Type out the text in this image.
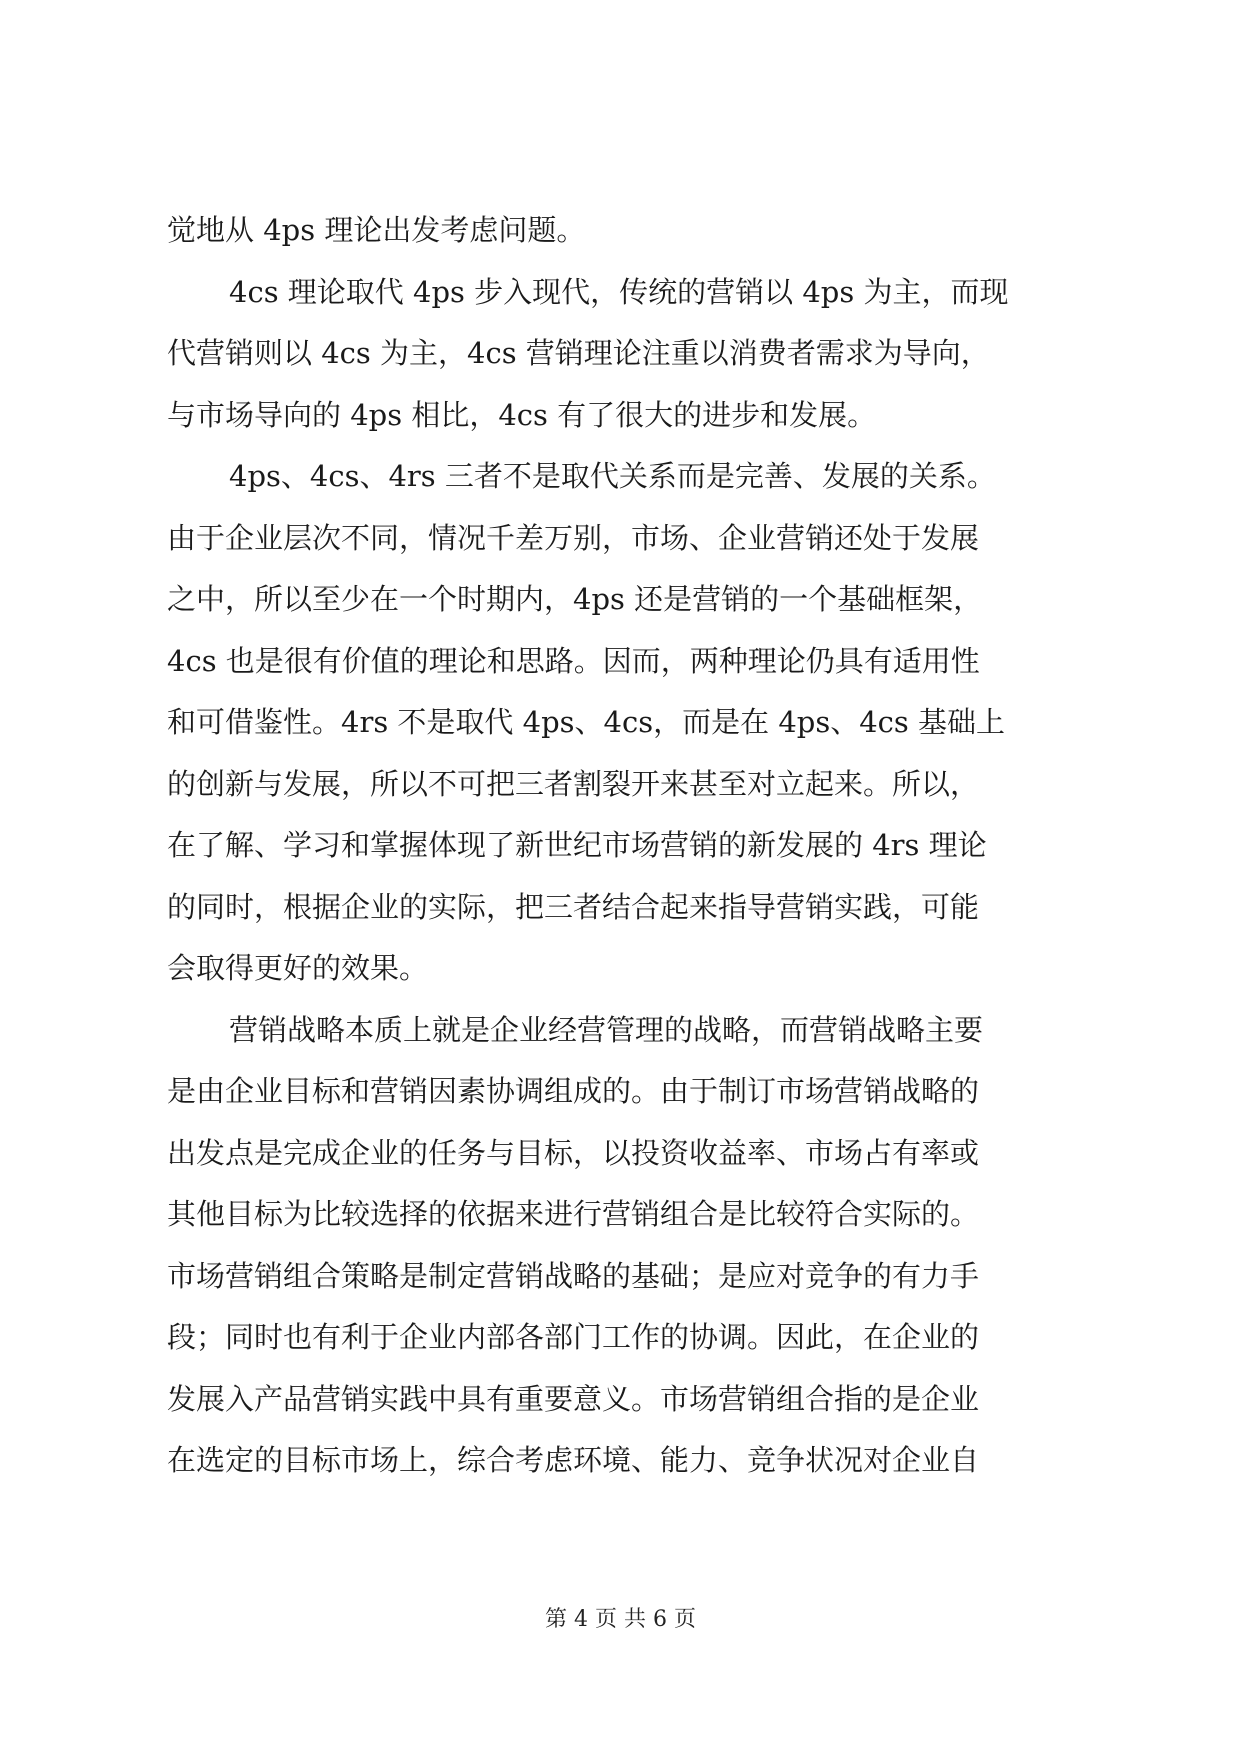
觉地从 4ps 理论出发考虑问题。
4cs 理论取代 4ps 步入现代，传统的营销以 4ps 为主，而现
代营销则以 4cs 为主，4cs 营销理论注重以消费者需求为导向，
与市场导向的 4ps 相比，4cs 有了很大的进步和发展。
4ps、4cs、4rs 三者不是取代关系而是完善、发展的关系。
由于企业层次不同，情况千差万别，市场、企业营销还处于发展
之中，所以至少在一个时期内，4ps 还是营销的一个基础框架，
4cs 也是很有价值的理论和思路。因而，两种理论仍具有适用性
和可借鉴性。4rs 不是取代 4ps、4cs，而是在 4ps、4cs 基础上
的创新与发展，所以不可把三者割裂开来甚至对立起来。所以，
在了解、学习和掌握体现了新世纪市场营销的新发展的 4rs 理论
的同时，根据企业的实际，把三者结合起来指导营销实践，可能
会取得更好的效果。
营销战略本质上就是企业经营管理的战略，而营销战略主要
是由企业目标和营销因素协调组成的。由于制订市场营销战略的
出发点是完成企业的任务与目标，以投资收益率、市场占有率或
其他目标为比较选择的依据来进行营销组合是比较符合实际的。
市场营销组合策略是制定营销战略的基础；是应对竞争的有力手
段；同时也有利于企业内部各部门工作的协调。因此，在企业的
发展入产品营销实践中具有重要意义。市场营销组合指的是企业
在选定的目标市场上，综合考虑环境、能力、竞争状况对企业自
第 4 页 共 6 页
